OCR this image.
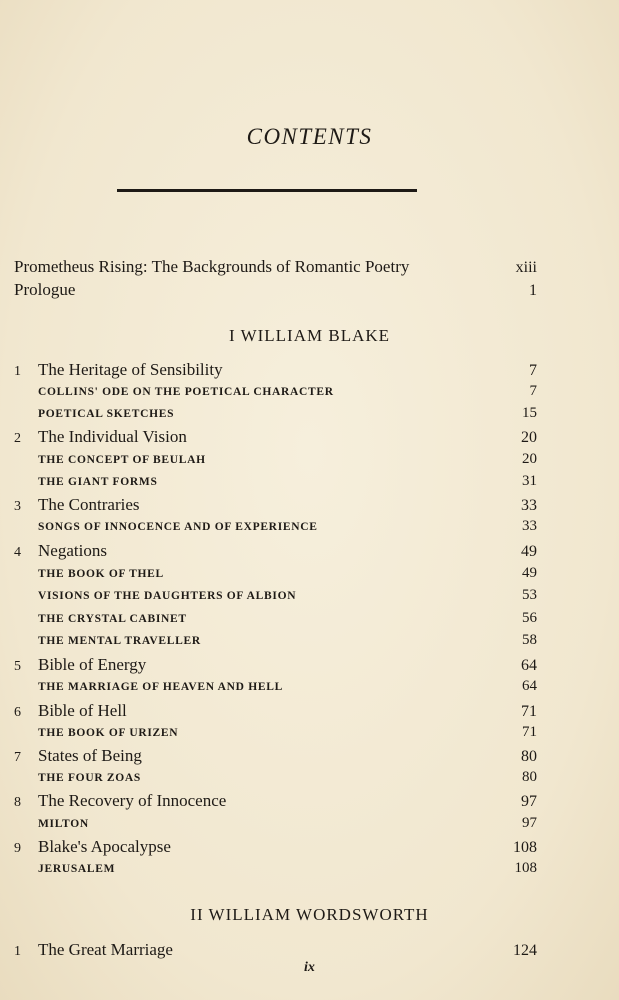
CONTENTS
Prometheus Rising: The Backgrounds of Romantic Poetry	xiii
Prologue	1
I WILLIAM BLAKE
1	The Heritage of Sensibility	7
COLLINS' ODE ON THE POETICAL CHARACTER	7
POETICAL SKETCHES	15
2	The Individual Vision	20
THE CONCEPT OF BEULAH	20
THE GIANT FORMS	31
3	The Contraries	33
SONGS OF INNOCENCE AND OF EXPERIENCE	33
4	Negations	49
THE BOOK OF THEL	49
VISIONS OF THE DAUGHTERS OF ALBION	53
THE CRYSTAL CABINET	56
THE MENTAL TRAVELLER	58
5	Bible of Energy	64
THE MARRIAGE OF HEAVEN AND HELL	64
6	Bible of Hell	71
THE BOOK OF URIZEN	71
7	States of Being	80
THE FOUR ZOAS	80
8	The Recovery of Innocence	97
MILTON	97
9	Blake's Apocalypse	108
JERUSALEM	108
II WILLIAM WORDSWORTH
1	The Great Marriage	124
ix
